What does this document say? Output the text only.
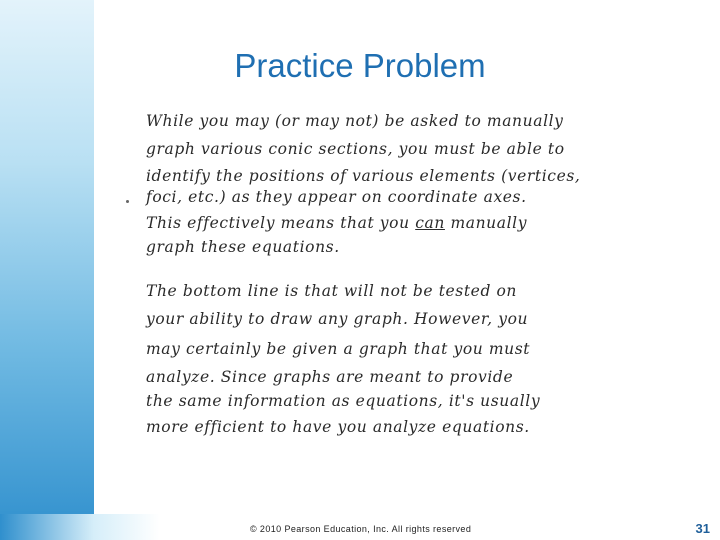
Practice Problem
While you may (or may not) be asked to manually
graph various conic sections, you must be able to
identify the positions of various elements (vertices,
foci, etc.) as they appear on coordinate axes.
This effectively means that you can manually
graph these equations.
The bottom line is that will not be tested on
your ability to draw any graph. However, you
may certainly be given a graph that you must
analyze. Since graphs are meant to provide
the same information as equations, it's usually
more efficient to have you analyze equations.
© 2010 Pearson Education, Inc. All rights reserved	31
